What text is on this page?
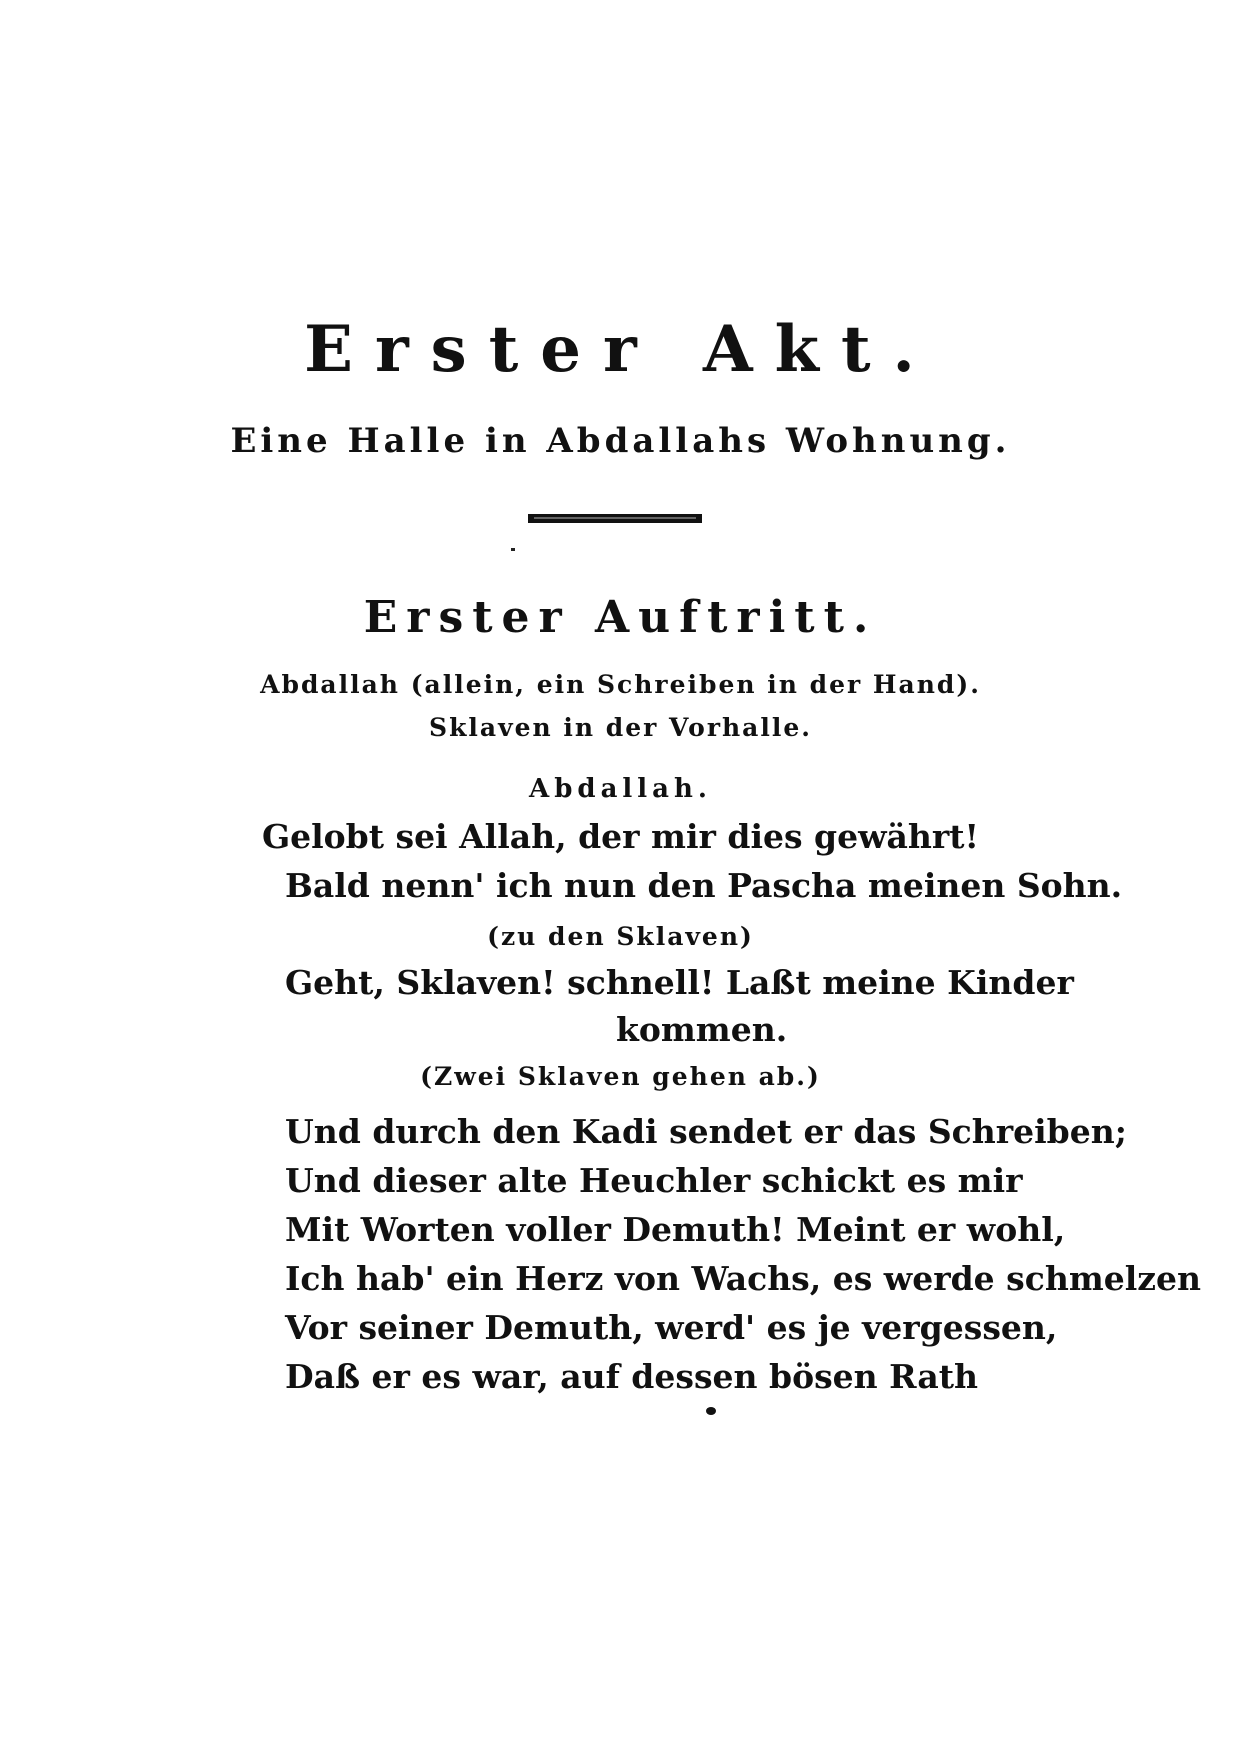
Erster Akt.
Eine Halle in Abdallahs Wohnung.
Erster Auftritt.
Abdallah (allein, ein Schreiben in der Hand).
Sklaven in der Vorhalle.
Abdallah.
Gelobt sei Allah, der mir dies gewährt!
Bald nenn' ich nun den Pascha meinen Sohn.
(zu den Sklaven)
Geht, Sklaven! schnell! Laßt meine Kinder
kommen.
(Zwei Sklaven gehen ab.)
Und durch den Kadi sendet er das Schreiben;
Und dieser alte Heuchler schickt es mir
Mit Worten voller Demuth! Meint er wohl,
Ich hab' ein Herz von Wachs, es werde schmelzen
Vor seiner Demuth, werd' es je vergessen,
Daß er es war, auf dessen bösen Rath
